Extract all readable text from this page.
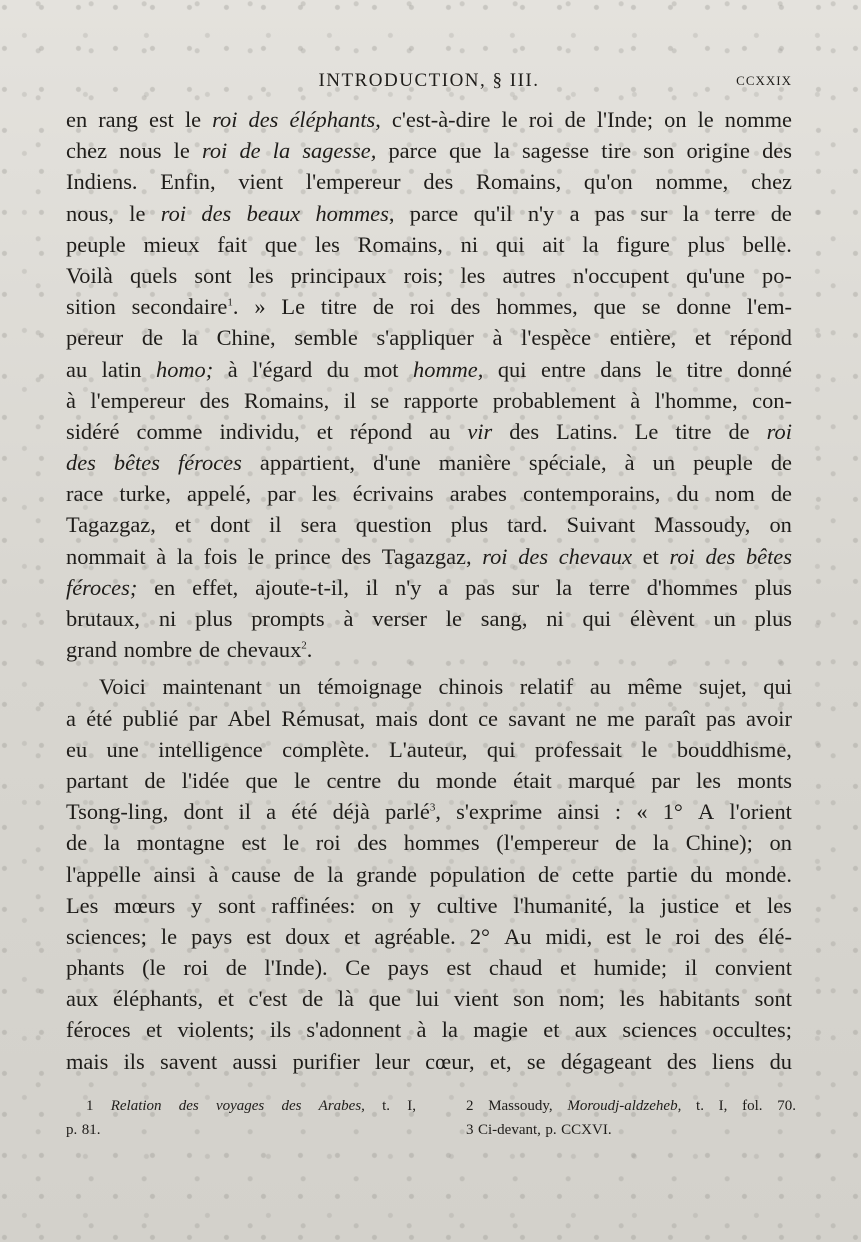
INTRODUCTION, § III.	CCXXIX
en rang est le roi des éléphants, c'est-à-dire le roi de l'Inde; on le nomme
chez nous le roi de la sagesse, parce que la sagesse tire son origine des
Indiens. Enfin, vient l'empereur des Romains, qu'on nomme, chez
nous, le roi des beaux hommes, parce qu'il n'y a pas sur la terre de
peuple mieux fait que les Romains, ni qui ait la figure plus belle.
Voilà quels sont les principaux rois; les autres n'occupent qu'une po-
sition secondaire$^1$. » Le titre de roi des hommes, que se donne l'em-
pereur de la Chine, semble s'appliquer à l'espèce entière, et répond
au latin homo; à l'égard du mot homme, qui entre dans le titre donné
à l'empereur des Romains, il se rapporte probablement à l'homme, con-
sidéré comme individu, et répond au vir des Latins. Le titre de roi
des bêtes féroces appartient, d'une manière spéciale, à un peuple de
race turke, appelé, par les écrivains arabes contemporains, du nom de
Tagazgaz, et dont il sera question plus tard. Suivant Massoudy, on
nommait à la fois le prince des Tagazgaz, roi des chevaux et roi des bêtes
féroces; en effet, ajoute-t-il, il n'y a pas sur la terre d'hommes plus
brutaux, ni plus prompts à verser le sang, ni qui élèvent un plus
grand nombre de chevaux$^2$.
Voici maintenant un témoignage chinois relatif au même sujet, qui
a été publié par Abel Rémusat, mais dont ce savant ne me paraît pas avoir
eu une intelligence complète. L'auteur, qui professait le bouddhisme,
partant de l'idée que le centre du monde était marqué par les monts
Tsong-ling, dont il a été déjà parlé$^3$, s'exprime ainsi : « 1° A l'orient
de la montagne est le roi des hommes (l'empereur de la Chine); on
l'appelle ainsi à cause de la grande population de cette partie du monde.
Les mœurs y sont raffinées: on y cultive l'humanité, la justice et les
sciences; le pays est doux et agréable. 2° Au midi, est le roi des élé-
phants (le roi de l'Inde). Ce pays est chaud et humide; il convient
aux éléphants, et c'est de là que lui vient son nom; les habitants sont
féroces et violents; ils s'adonnent à la magie et aux sciences occultes;
mais ils savent aussi purifier leur cœur, et, se dégageant des liens du
1 Relation des voyages des Arabes, t. I,
p. 81.
2 Massoudy, Moroudj-aldzeheb, t. I, fol. 70.
3 Ci-devant, p. CCXVI.
